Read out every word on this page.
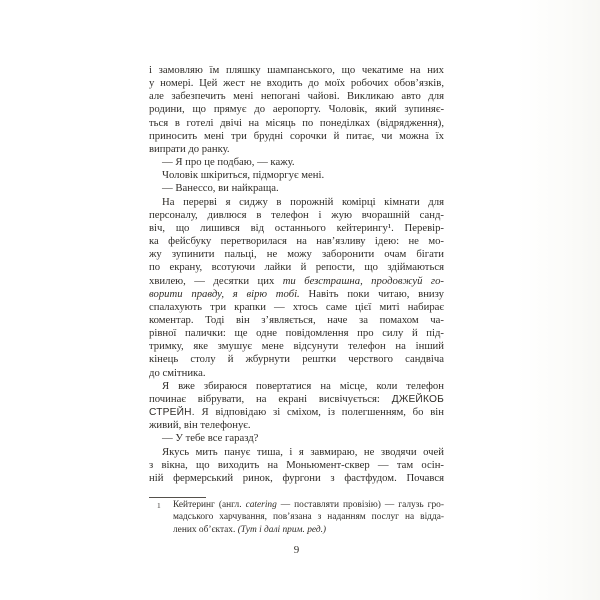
і замовляю їм пляшку шампанського, що чекатиме на них
у номері. Цей жест не входить до моїх робочих обов’язків,
але забезпечить мені непогані чайові. Викликаю авто для
родини, що прямує до аеропорту. Чоловік, який зупиняє-
ться в готелі двічі на місяць по понеділках (відрядження),
приносить мені три брудні сорочки й питає, чи можна їх
випрати до ранку.
— Я про це подбаю, — кажу.
Чоловік шкіриться, підморгує мені.
— Ванессо, ви найкраща.
На перерві я сиджу в порожній комірці кімнати для
персоналу, дивлюся в телефон і жую вчорашній санд-
віч, що лишився від останнього кейтерингу¹. Перевір-
ка фейсбуку перетворилася на нав’язливу ідею: не мо-
жу зупинити пальці, не можу заборонити очам бігати
по екрану, всотуючи лайки й репости, що здіймаються
хвилею, — десятки цих ти безстрашна, продовжуй го-
ворити правду, я вірю тобі. Навіть поки читаю, внизу
спалахують три крапки — хтось саме цієї миті набирає
коментар. Тоді він з’являється, наче за помахом ча-
рівної палички: ще одне повідомлення про силу й під-
тримку, яке змушує мене відсунути телефон на інший
кінець столу й жбурнути рештки черствого сандвіча
до смітника.
Я вже збираюся повертатися на місце, коли телефон
починає вібрувати, на екрані висвічується: ДЖЕЙКОБ
СТРЕЙН. Я відповідаю зі сміхом, із полегшенням, бо він
живий, він телефонує.
— У тебе все гаразд?
Якусь мить панує тиша, і я завмираю, не зводячи очей
з вікна, що виходить на Моньюмент-сквер — там осін-
ній фермерський ринок, фургони з фастфудом. Почався
1 Кейтеринг (англ. catering — поставляти провізію) — галузь гро-
мадського харчування, пов’язана з наданням послуг на відда-
лених об’єктах. (Тут і далі прим. ред.)
9
